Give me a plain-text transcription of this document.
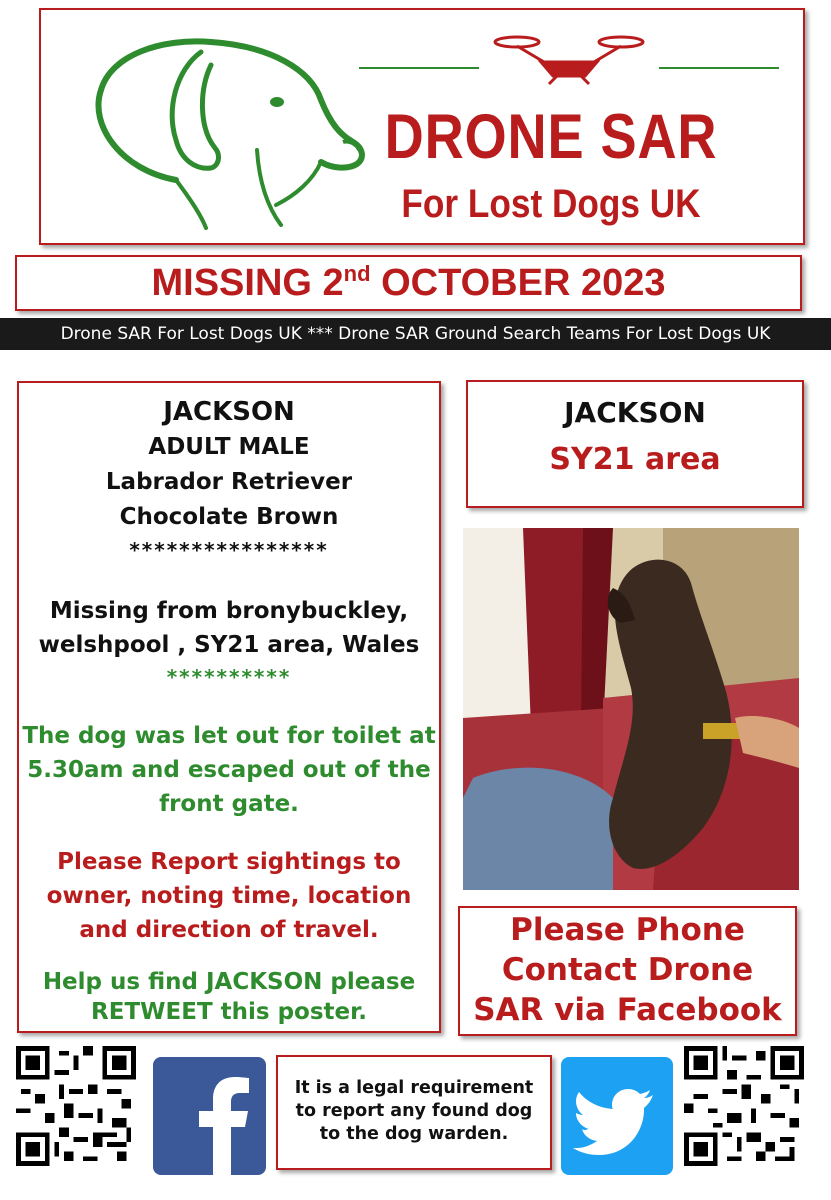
DRONE SAR
For Lost Dogs UK
MISSING 2nd OCTOBER 2023
Drone SAR For Lost Dogs UK *** Drone SAR Ground Search Teams For Lost Dogs UK
JACKSON
ADULT MALE
Labrador Retriever
Chocolate Brown
****************
Missing from bronybuckley,
welshpool , SY21 area, Wales
**********
The dog was let out for toilet at
5.30am and escaped out of the
front gate.
Please Report sightings to
owner, noting time, location
and direction of travel.
Help us find JACKSON please
RETWEET this poster.
JACKSON
SY21 area
Please Phone
Contact Drone
SAR via Facebook
It is a legal requirement
to report any found dog
to the dog warden.
